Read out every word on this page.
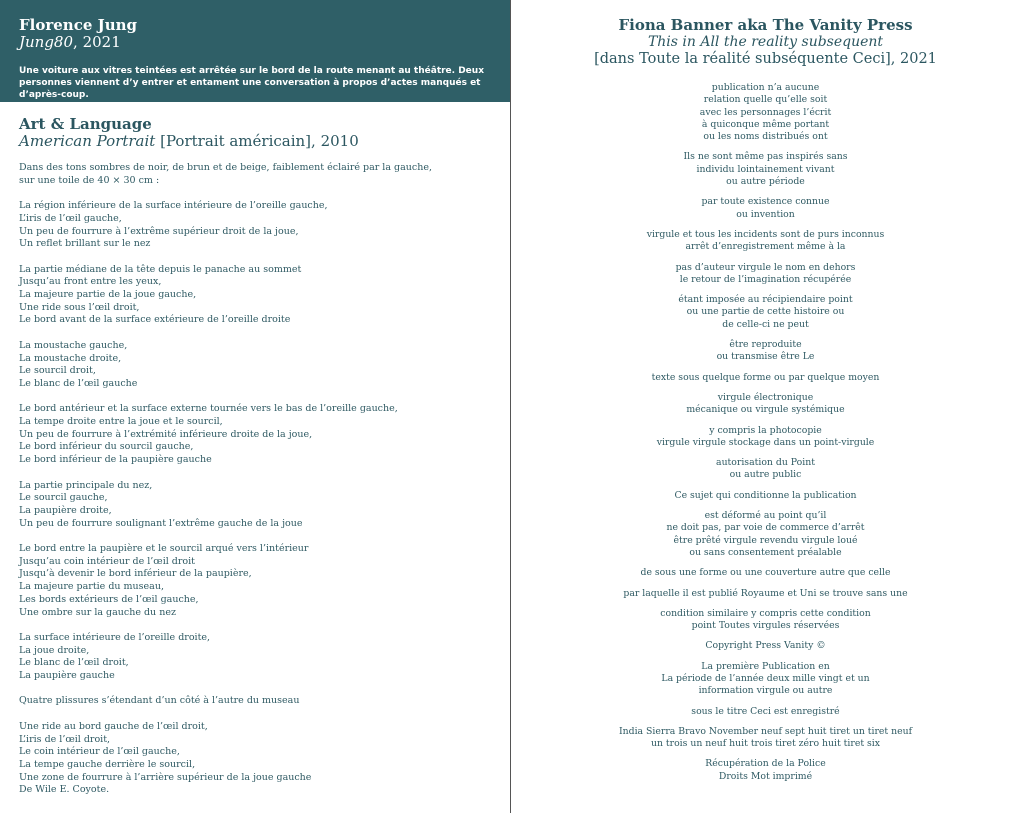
Florence Jung
Jung80, 2021
Une voiture aux vitres teintées est arrêtée sur le bord de la route menant au théâtre. Deux personnes viennent d’y entrer et entament une conversation à propos d’actes manqués et d’après-coup.
Art & Language
American Portrait [Portrait américain], 2010
Dans des tons sombres de noir, de brun et de beige, faiblement éclairé par la gauche,
sur une toile de 40 × 30 cm :
La région inférieure de la surface intérieure de l’oreille gauche,
L’iris de l’œil gauche,
Un peu de fourrure à l’extrême supérieur droit de la joue,
Un reflet brillant sur le nez
La partie médiane de la tête depuis le panache au sommet
Jusqu’au front entre les yeux,
La majeure partie de la joue gauche,
Une ride sous l’œil droit,
Le bord avant de la surface extérieure de l’oreille droite
La moustache gauche,
La moustache droite,
Le sourcil droit,
Le blanc de l’œil gauche
Le bord antérieur et la surface externe tournée vers le bas de l’oreille gauche,
La tempe droite entre la joue et le sourcil,
Un peu de fourrure à l’extrémité inférieure droite de la joue,
Le bord inférieur du sourcil gauche,
Le bord inférieur de la paupière gauche
La partie principale du nez,
Le sourcil gauche,
La paupière droite,
Un peu de fourrure soulignant l’extrême gauche de la joue
Le bord entre la paupière et le sourcil arqué vers l’intérieur
Jusqu’au coin intérieur de l’œil droit
Jusqu’à devenir le bord inférieur de la paupière,
La majeure partie du museau,
Les bords extérieurs de l’œil gauche,
Une ombre sur la gauche du nez
La surface intérieure de l’oreille droite,
La joue droite,
Le blanc de l’œil droit,
La paupière gauche
Quatre plissures s’étendant d’un côté à l’autre du museau
Une ride au bord gauche de l’œil droit,
L’iris de l’œil droit,
Le coin intérieur de l’œil gauche,
La tempe gauche derrière le sourcil,
Une zone de fourrure à l’arrière supérieur de la joue gauche
De Wile E. Coyote.
Fiona Banner aka The Vanity Press
This in All the reality subsequent
[dans Toute la réalité subséquente Ceci], 2021
publication n’a aucune
relation quelle qu’elle soit
avec les personnages l’écrit
à quiconque même portant
ou les noms distribués ont
Ils ne sont même pas inspirés sans
individu lointainement vivant
ou autre période
par toute existence connue
ou invention
virgule et tous les incidents sont de purs inconnus
arrêt d’enregistrement même à la
pas d’auteur virgule le nom en dehors
le retour de l’imagination récupérée
étant imposée au récipiendaire point
ou une partie de cette histoire ou
de celle-ci ne peut
être reproduite
ou transmise être Le
texte sous quelque forme ou par quelque moyen
virgule électronique
mécanique ou virgule systémique
y compris la photocopie
virgule virgule stockage dans un point-virgule
autorisation du Point
ou autre public
Ce sujet qui conditionne la publication
est déformé au point qu’il
ne doit pas, par voie de commerce d’arrêt
être prêté virgule revendu virgule loué
ou sans consentement préalable
de sous une forme ou une couverture autre que celle
par laquelle il est publié Royaume et Uni se trouve sans une
condition similaire y compris cette condition
point Toutes virgules réservées
Copyright Press Vanity ©
La première Publication en
La période de l’année deux mille vingt et un
information virgule ou autre
sous le titre Ceci est enregistré
India Sierra Bravo November neuf sept huit tiret un tiret neuf
un trois un neuf huit trois tiret zéro huit tiret six
Récupération de la Police
Droits Mot imprimé
